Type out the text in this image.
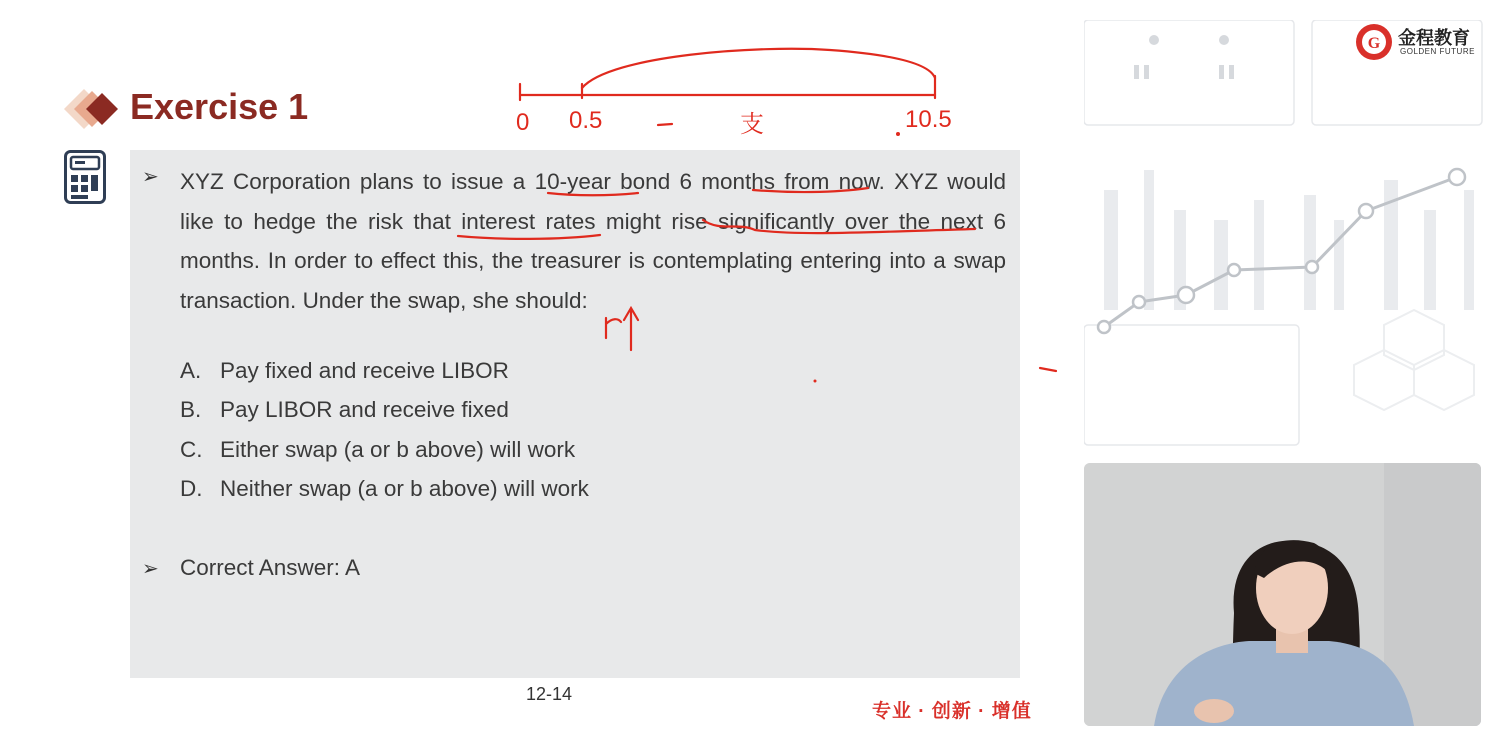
Exercise 1
➢ XYZ Corporation plans to issue a 10-year bond 6 months from now. XYZ would like to hedge the risk that interest rates might rise significantly over the next 6 months. In order to effect this, the treasurer is contemplating entering into a swap transaction. Under the swap, she should:
A. Pay fixed and receive LIBOR
B. Pay LIBOR and receive fixed
C. Either swap (a or b above) will work
D. Neither swap (a or b above) will work
➢ Correct Answer: A
12-14
专业 · 创新 · 增值
G 金程教育
GOLDEN FUTURE
0 0.5	支	10.5
